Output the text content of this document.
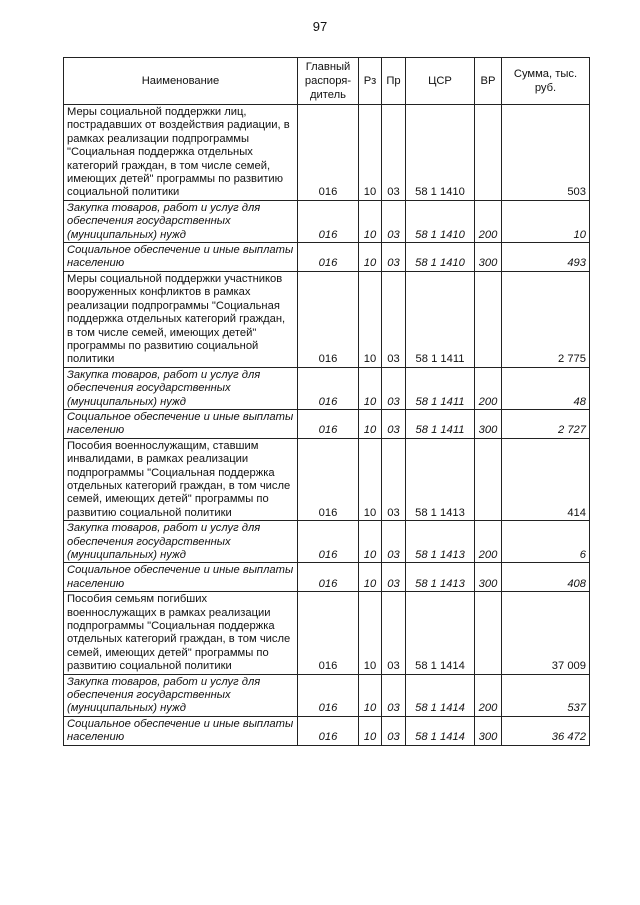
97
Наименование	Главный распоря-дитель	Рз	Пр	ЦСР	ВР	Сумма, тыс. руб.
Меры социальной поддержки лиц, пострадавших от воздействия радиации, в рамках реализации подпрограммы "Социальная поддержка отдельных категорий граждан, в том числе семей, имеющих детей" программы по развитию социальной политики	016	10	03	58 1 1410		503
Закупка товаров, работ и услуг для обеспечения государственных (муниципальных) нужд	016	10	03	58 1 1410	200	10
Социальное обеспечение и иные выплаты населению	016	10	03	58 1 1410	300	493
Меры социальной поддержки участников вооруженных конфликтов в рамках реализации подпрограммы "Социальная поддержка отдельных категорий граждан, в том числе семей, имеющих детей" программы по развитию социальной политики	016	10	03	58 1 1411		2 775
Закупка товаров, работ и услуг для обеспечения государственных (муниципальных) нужд	016	10	03	58 1 1411	200	48
Социальное обеспечение и иные выплаты населению	016	10	03	58 1 1411	300	2 727
Пособия военнослужащим, ставшим инвалидами, в рамках реализации подпрограммы "Социальная поддержка отдельных категорий граждан, в том числе семей, имеющих детей" программы по развитию социальной политики	016	10	03	58 1 1413		414
Закупка товаров, работ и услуг для обеспечения государственных (муниципальных) нужд	016	10	03	58 1 1413	200	6
Социальное обеспечение и иные выплаты населению	016	10	03	58 1 1413	300	408
Пособия семьям погибших военнослужащих в рамках реализации подпрограммы "Социальная поддержка отдельных категорий граждан, в том числе семей, имеющих детей" программы по развитию социальной политики	016	10	03	58 1 1414		37 009
Закупка товаров, работ и услуг для обеспечения государственных (муниципальных) нужд	016	10	03	58 1 1414	200	537
Социальное обеспечение и иные выплаты населению	016	10	03	58 1 1414	300	36 472
